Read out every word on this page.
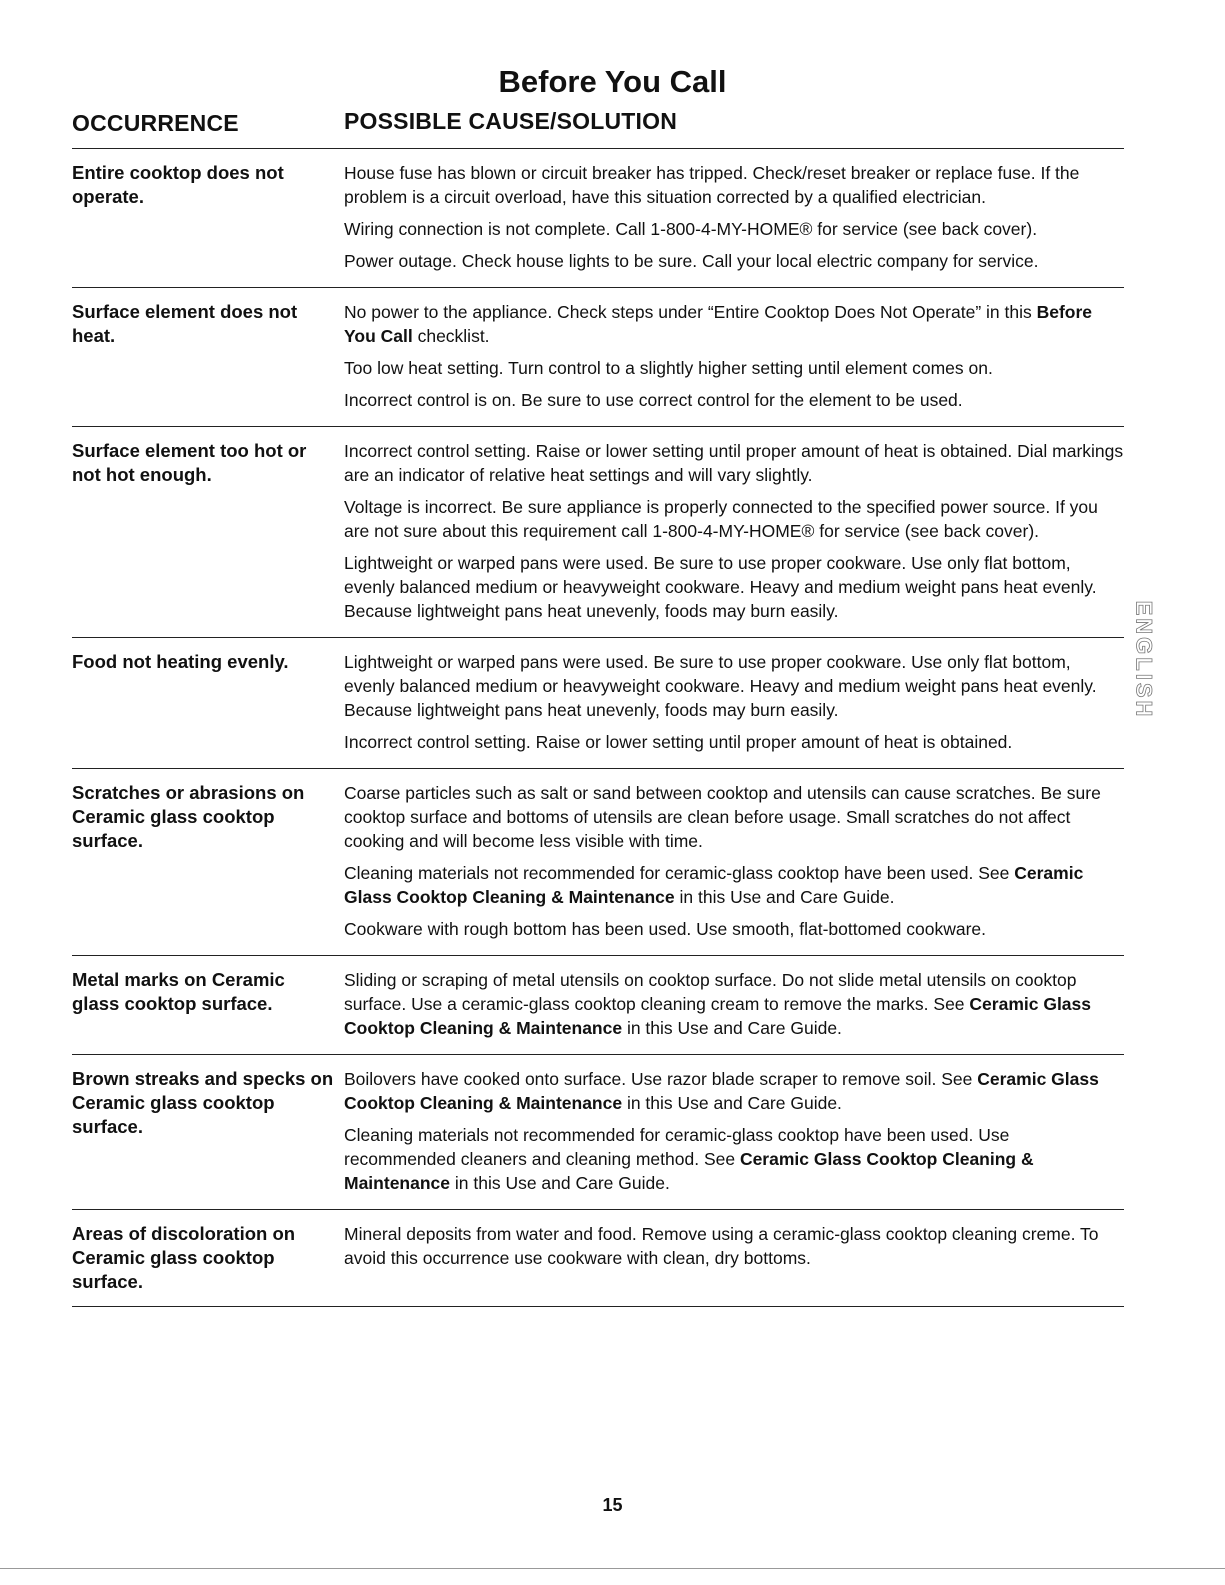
Before You Call
OCCURRENCE	POSSIBLE CAUSE/SOLUTION
Entire cooktop does not operate.

House fuse has blown or circuit breaker has tripped. Check/reset breaker or replace fuse. If the problem is a circuit overload, have this situation corrected by a qualified electrician.

Wiring connection is not complete. Call 1-800-4-MY-HOME® for service (see back cover).

Power outage. Check house lights to be sure. Call your local electric company for service.

Surface element does not heat.

No power to the appliance. Check steps under “Entire Cooktop Does Not Operate” in this Before You Call checklist.

Too low heat setting. Turn control to a slightly higher setting until element comes on.

Incorrect control is on. Be sure to use correct control for the element to be used.

Surface element too hot or not hot enough.

Incorrect control setting. Raise or lower setting until proper amount of heat is obtained. Dial markings are an indicator of relative heat settings and will vary slightly.

Voltage is incorrect. Be sure appliance is properly connected to the specified power source. If you are not sure about this requirement call 1-800-4-MY-HOME® for service (see back cover).

Lightweight or warped pans were used. Be sure to use proper cookware. Use only flat bottom, evenly balanced medium or heavyweight cookware. Heavy and medium weight pans heat evenly. Because lightweight pans heat unevenly, foods may burn easily.

Food not heating evenly.	Lightweight or warped pans were used. Be sure to use proper cookware. Use only flat bottom, evenly balanced medium or heavyweight cookware. Heavy and medium weight pans heat evenly. Because lightweight pans heat unevenly, foods may burn easily.

Incorrect control setting. Raise or lower setting until proper amount of heat is obtained.

Scratches or abrasions on Ceramic glass cooktop surface.

Coarse particles such as salt or sand between cooktop and utensils can cause scratches. Be sure cooktop surface and bottoms of utensils are clean before usage. Small scratches do not affect cooking and will become less visible with time.

Cleaning materials not recommended for ceramic-glass cooktop have been used. See Ceramic Glass Cooktop Cleaning & Maintenance in this Use and Care Guide.

Cookware with rough bottom has been used. Use smooth, flat-bottomed cookware.

Metal marks on Ceramic glass cooktop surface.

Sliding or scraping of metal utensils on cooktop surface. Do not slide metal utensils on cooktop surface. Use a ceramic-glass cooktop cleaning cream to remove the marks. See Ceramic Glass Cooktop Cleaning & Maintenance in this Use and Care Guide.

Brown streaks and specks on Ceramic glass cooktop surface.

Boilovers have cooked onto surface. Use razor blade scraper to remove soil. See Ceramic Glass Cooktop Cleaning & Maintenance in this Use and Care Guide.

Cleaning materials not recommended for ceramic-glass cooktop have been used. Use recommended cleaners and cleaning method. See Ceramic Glass Cooktop Cleaning & Maintenance in this Use and Care Guide.

Areas of discoloration on Ceramic glass cooktop surface.

Mineral deposits from water and food. Remove using a ceramic-glass cooktop cleaning creme. To avoid this occurrence use cookware with clean, dry bottoms.

ENGLISH
15
